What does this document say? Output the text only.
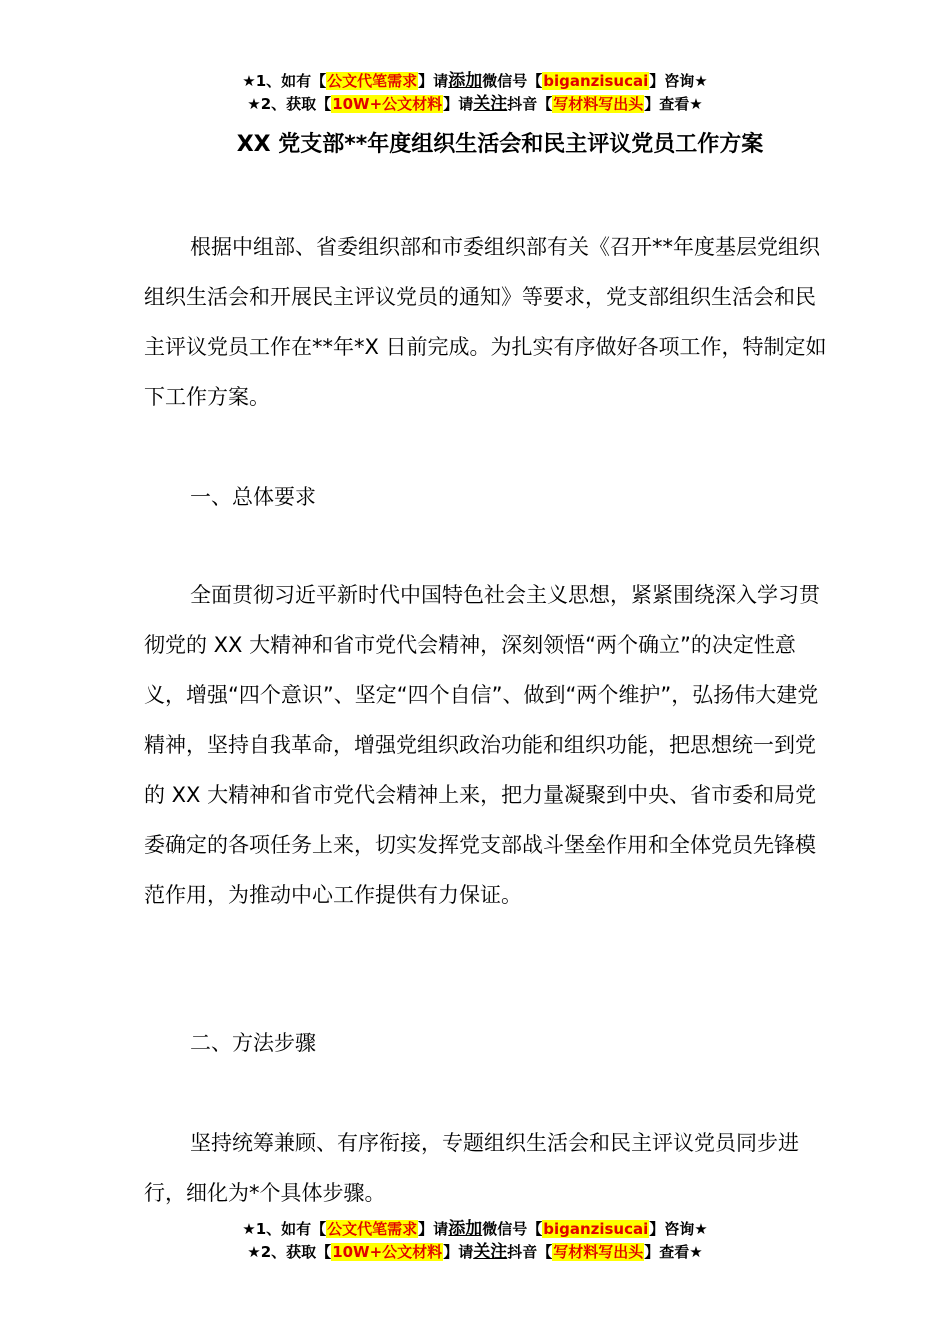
★1、如有【公文代笔需求】请添加微信号【biganzisucai】咨询★
★2、获取【10W+公文材料】请关注抖音【写材料写出头】查看★
XX 党支部**年度组织生活会和民主评议党员工作方案

根据中组部、省委组织部和市委组织部有关《召开**年度基层党组织组织生活会和开展民主评议党员的通知》等要求，党支部组织生活会和民主评议党员工作在**年*X 日前完成。为扎实有序做好各项工作，特制定如下工作方案。

一、总体要求

全面贯彻习近平新时代中国特色社会主义思想，紧紧围绕深入学习贯彻党的 XX 大精神和省市党代会精神，深刻领悟“两个确立”的决定性意义，增强“四个意识”、坚定“四个自信”、做到“两个维护”，弘扬伟大建党精神，坚持自我革命，增强党组织政治功能和组织功能，把思想统一到党的 XX 大精神和省市党代会精神上来，把力量凝聚到中央、省市委和局党委确定的各项任务上来，切实发挥党支部战斗堡垒作用和全体党员先锋模范作用，为推动中心工作提供有力保证。

二、方法步骤

坚持统筹兼顾、有序衔接，专题组织生活会和民主评议党员同步进行，细化为*个具体步骤。

★1、如有【公文代笔需求】请添加微信号【biganzisucai】咨询★
★2、获取【10W+公文材料】请关注抖音【写材料写出头】查看★
